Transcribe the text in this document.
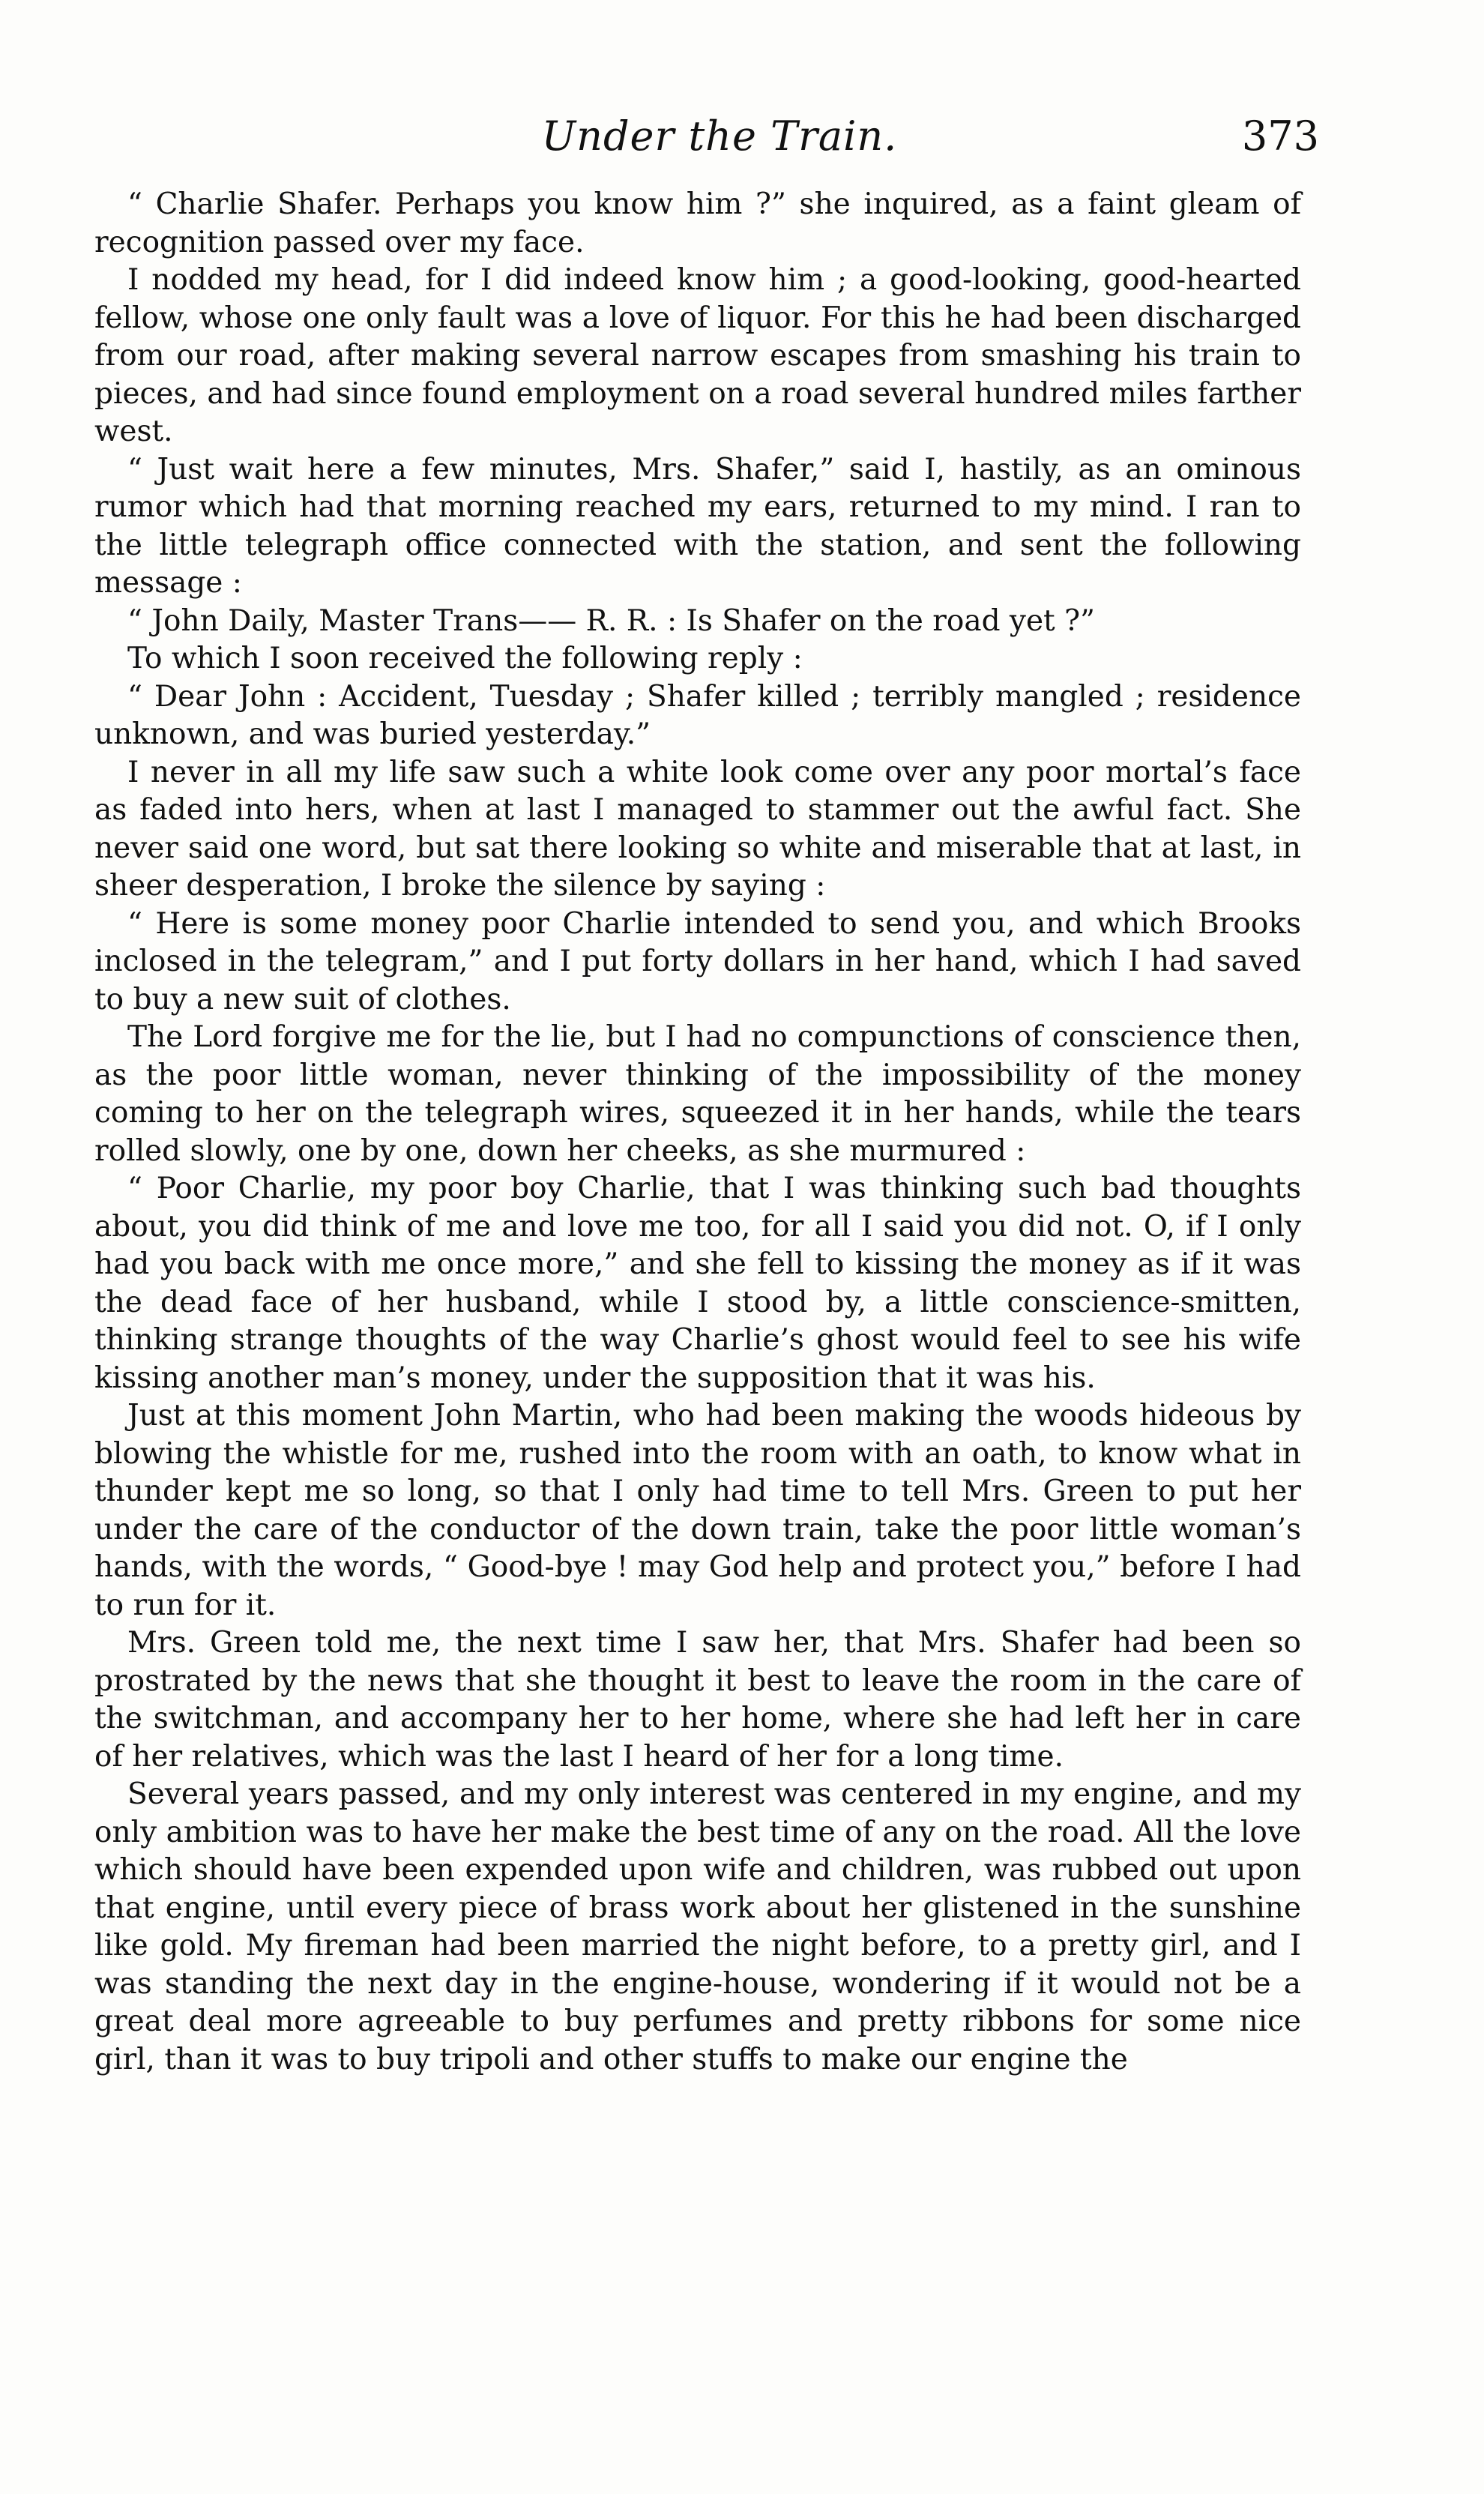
Under the Train.	373

“ Charlie Shafer. Perhaps you know him ?” she inquired, as a faint gleam of recognition passed over my face.

I nodded my head, for I did indeed know him ; a good-looking, good-hearted fellow, whose one only fault was a love of liquor. For this he had been discharged from our road, after making several narrow escapes from smashing his train to pieces, and had since found employment on a road several hundred miles farther west.

“ Just wait here a few minutes, Mrs. Shafer,” said I, hastily, as an ominous rumor which had that morning reached my ears, returned to my mind. I ran to the little telegraph office connected with the station, and sent the following message :

“ John Daily, Master Trans—— R. R. : Is Shafer on the road yet ?”

To which I soon received the following reply :

“ Dear John : Accident, Tuesday ; Shafer killed ; terribly mangled ; residence unknown, and was buried yesterday.”

I never in all my life saw such a white look come over any poor mortal’s face as faded into hers, when at last I managed to stammer out the awful fact. She never said one word, but sat there looking so white and miserable that at last, in sheer desperation, I broke the silence by saying :

“ Here is some money poor Charlie intended to send you, and which Brooks inclosed in the telegram,” and I put forty dollars in her hand, which I had saved to buy a new suit of clothes.

The Lord forgive me for the lie, but I had no compunctions of conscience then, as the poor little woman, never thinking of the impossibility of the money coming to her on the telegraph wires, squeezed it in her hands, while the tears rolled slowly, one by one, down her cheeks, as she murmured :

“ Poor Charlie, my poor boy Charlie, that I was thinking such bad thoughts about, you did think of me and love me too, for all I said you did not. O, if I only had you back with me once more,” and she fell to kissing the money as if it was the dead face of her husband, while I stood by, a little conscience-smitten, thinking strange thoughts of the way Charlie’s ghost would feel to see his wife kissing another man’s money, under the supposition that it was his.

Just at this moment John Martin, who had been making the woods hideous by blowing the whistle for me, rushed into the room with an oath, to know what in thunder kept me so long, so that I only had time to tell Mrs. Green to put her under the care of the conductor of the down train, take the poor little woman’s hands, with the words, “ Good-bye ! may God help and protect you,” before I had to run for it.

Mrs. Green told me, the next time I saw her, that Mrs. Shafer had been so prostrated by the news that she thought it best to leave the room in the care of the switchman, and accompany her to her home, where she had left her in care of her relatives, which was the last I heard of her for a long time.

Several years passed, and my only interest was centered in my engine, and my only ambition was to have her make the best time of any on the road. All the love which should have been expended upon wife and children, was rubbed out upon that engine, until every piece of brass work about her glistened in the sunshine like gold. My fireman had been married the night before, to a pretty girl, and I was standing the next day in the engine-house, wondering if it would not be a great deal more agreeable to buy perfumes and pretty ribbons for some nice girl, than it was to buy tripoli and other stuffs to make our engine the
